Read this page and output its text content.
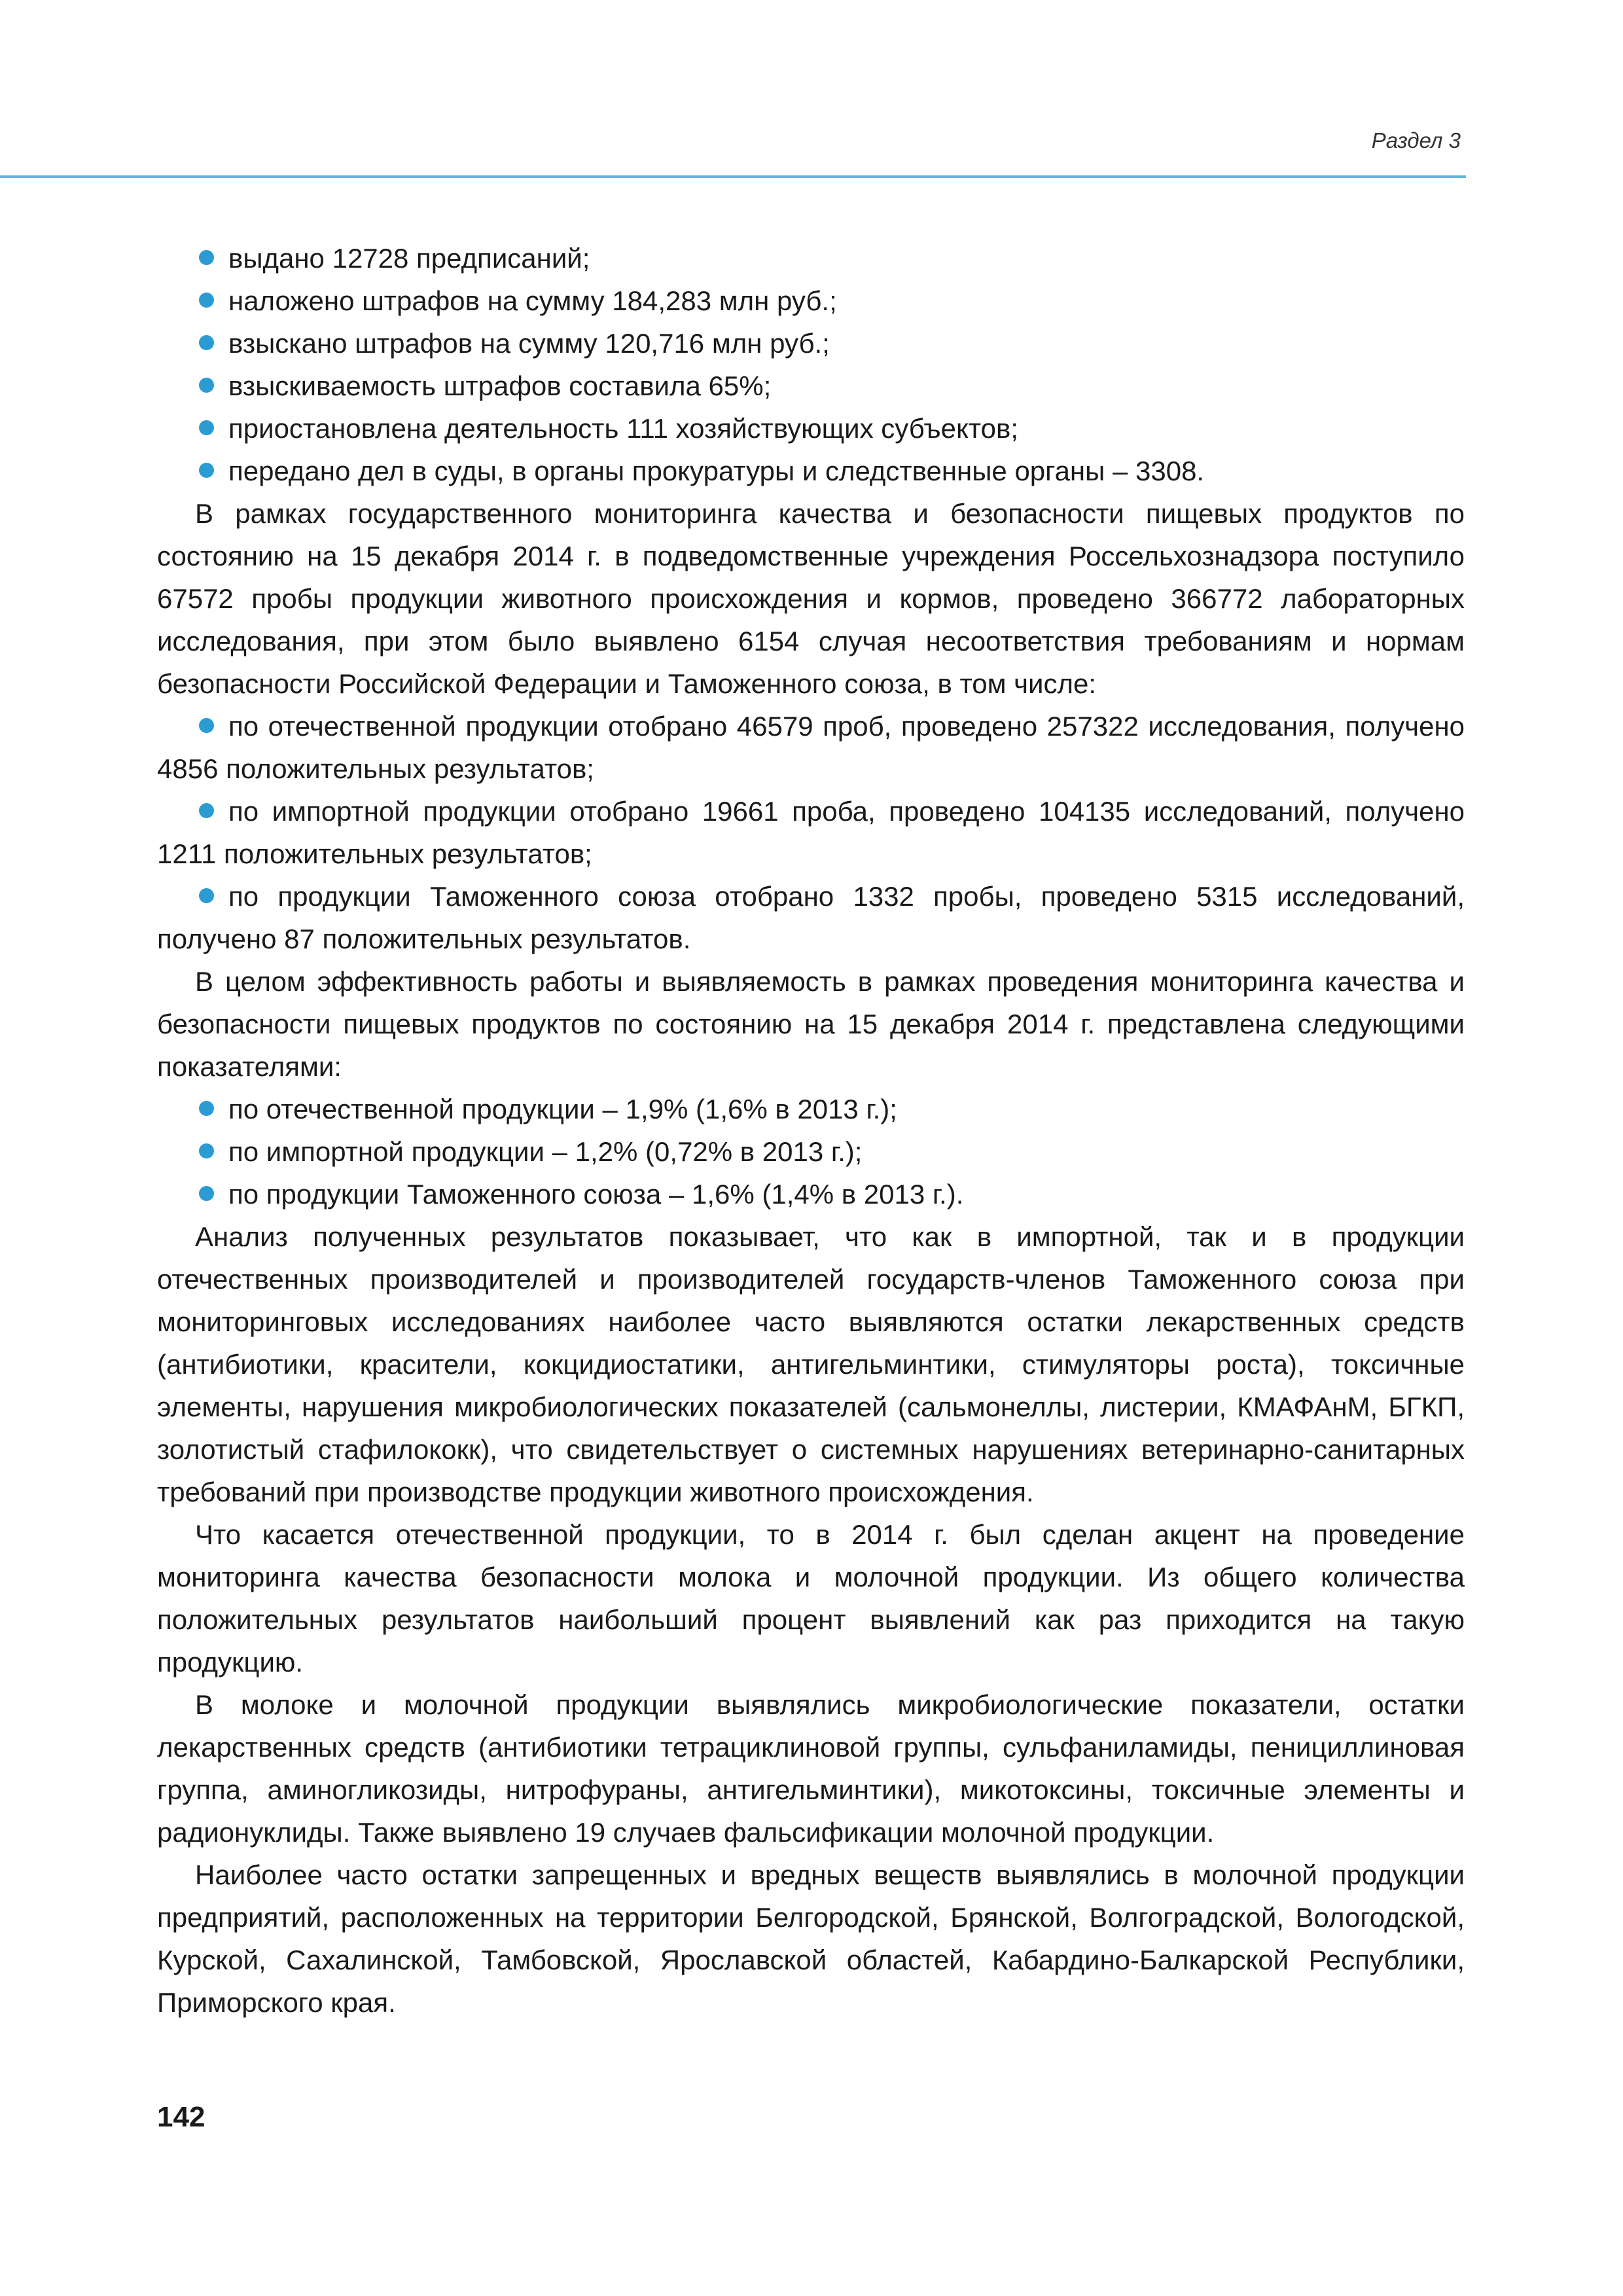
Раздел 3

выдано 12728 предписаний;

наложено штрафов на сумму 184,283 млн руб.;

взыскано штрафов на сумму 120,716 млн руб.;

взыскиваемость штрафов составила 65%;

приостановлена деятельность 111 хозяйствующих субъектов;

передано дел в суды, в органы прокуратуры и следственные органы – 3308.

В рамках государственного мониторинга качества и безопасности пищевых продуктов по состоянию на 15 декабря 2014 г. в подведомственные учреждения Россельхознадзора поступило 67572 пробы продукции животного происхождения и кормов, проведено 366772 лабораторных исследования, при этом было выявлено 6154 случая несоответствия требованиям и нормам безопасности Российской Федерации и Таможенного союза, в том числе:

по отечественной продукции отобрано 46579 проб, проведено 257322 исследования, получено 4856 положительных результатов;

по импортной продукции отобрано 19661 проба, проведено 104135 исследований, получено 1211 положительных результатов;

по продукции Таможенного союза отобрано 1332 пробы, проведено 5315 исследований, получено 87 положительных результатов.

В целом эффективность работы и выявляемость в рамках проведения мониторинга качества и безопасности пищевых продуктов по состоянию на 15 декабря 2014 г. представлена следующими показателями:

по отечественной продукции – 1,9% (1,6% в 2013 г.);

по импортной продукции – 1,2% (0,72% в 2013 г.);

по продукции Таможенного союза – 1,6% (1,4% в 2013 г.).

Анализ полученных результатов показывает, что как в импортной, так и в продукции отечественных производителей и производителей государств-членов Таможенного союза при мониторинговых исследованиях наиболее часто выявляются остатки лекарственных средств (антибиотики, красители, кокцидиостатики, антигельминтики, стимуляторы роста), токсичные элементы, нарушения микробиологических показателей (сальмонеллы, листерии, КМАФАнМ, БГКП, золотистый стафилококк), что свидетельствует о системных нарушениях ветеринарно-санитарных требований при производстве продукции животного происхождения.

Что касается отечественной продукции, то в 2014 г. был сделан акцент на проведение мониторинга качества безопасности молока и молочной продукции. Из общего количества положительных результатов наибольший процент выявлений как раз приходится на такую продукцию.

В молоке и молочной продукции выявлялись микробиологические показатели, остатки лекарственных средств (антибиотики тетрациклиновой группы, сульфаниламиды, пенициллиновая группа, аминогликозиды, нитрофураны, антигельминтики), микотоксины, токсичные элементы и радионуклиды. Также выявлено 19 случаев фальсификации молочной продукции.

Наиболее часто остатки запрещенных и вредных веществ выявлялись в молочной продукции предприятий, расположенных на территории Белгородской, Брянской, Волгоградской, Вологодской, Курской, Сахалинской, Тамбовской, Ярославской областей, Кабардино-Балкарской Республики, Приморского края.

142
